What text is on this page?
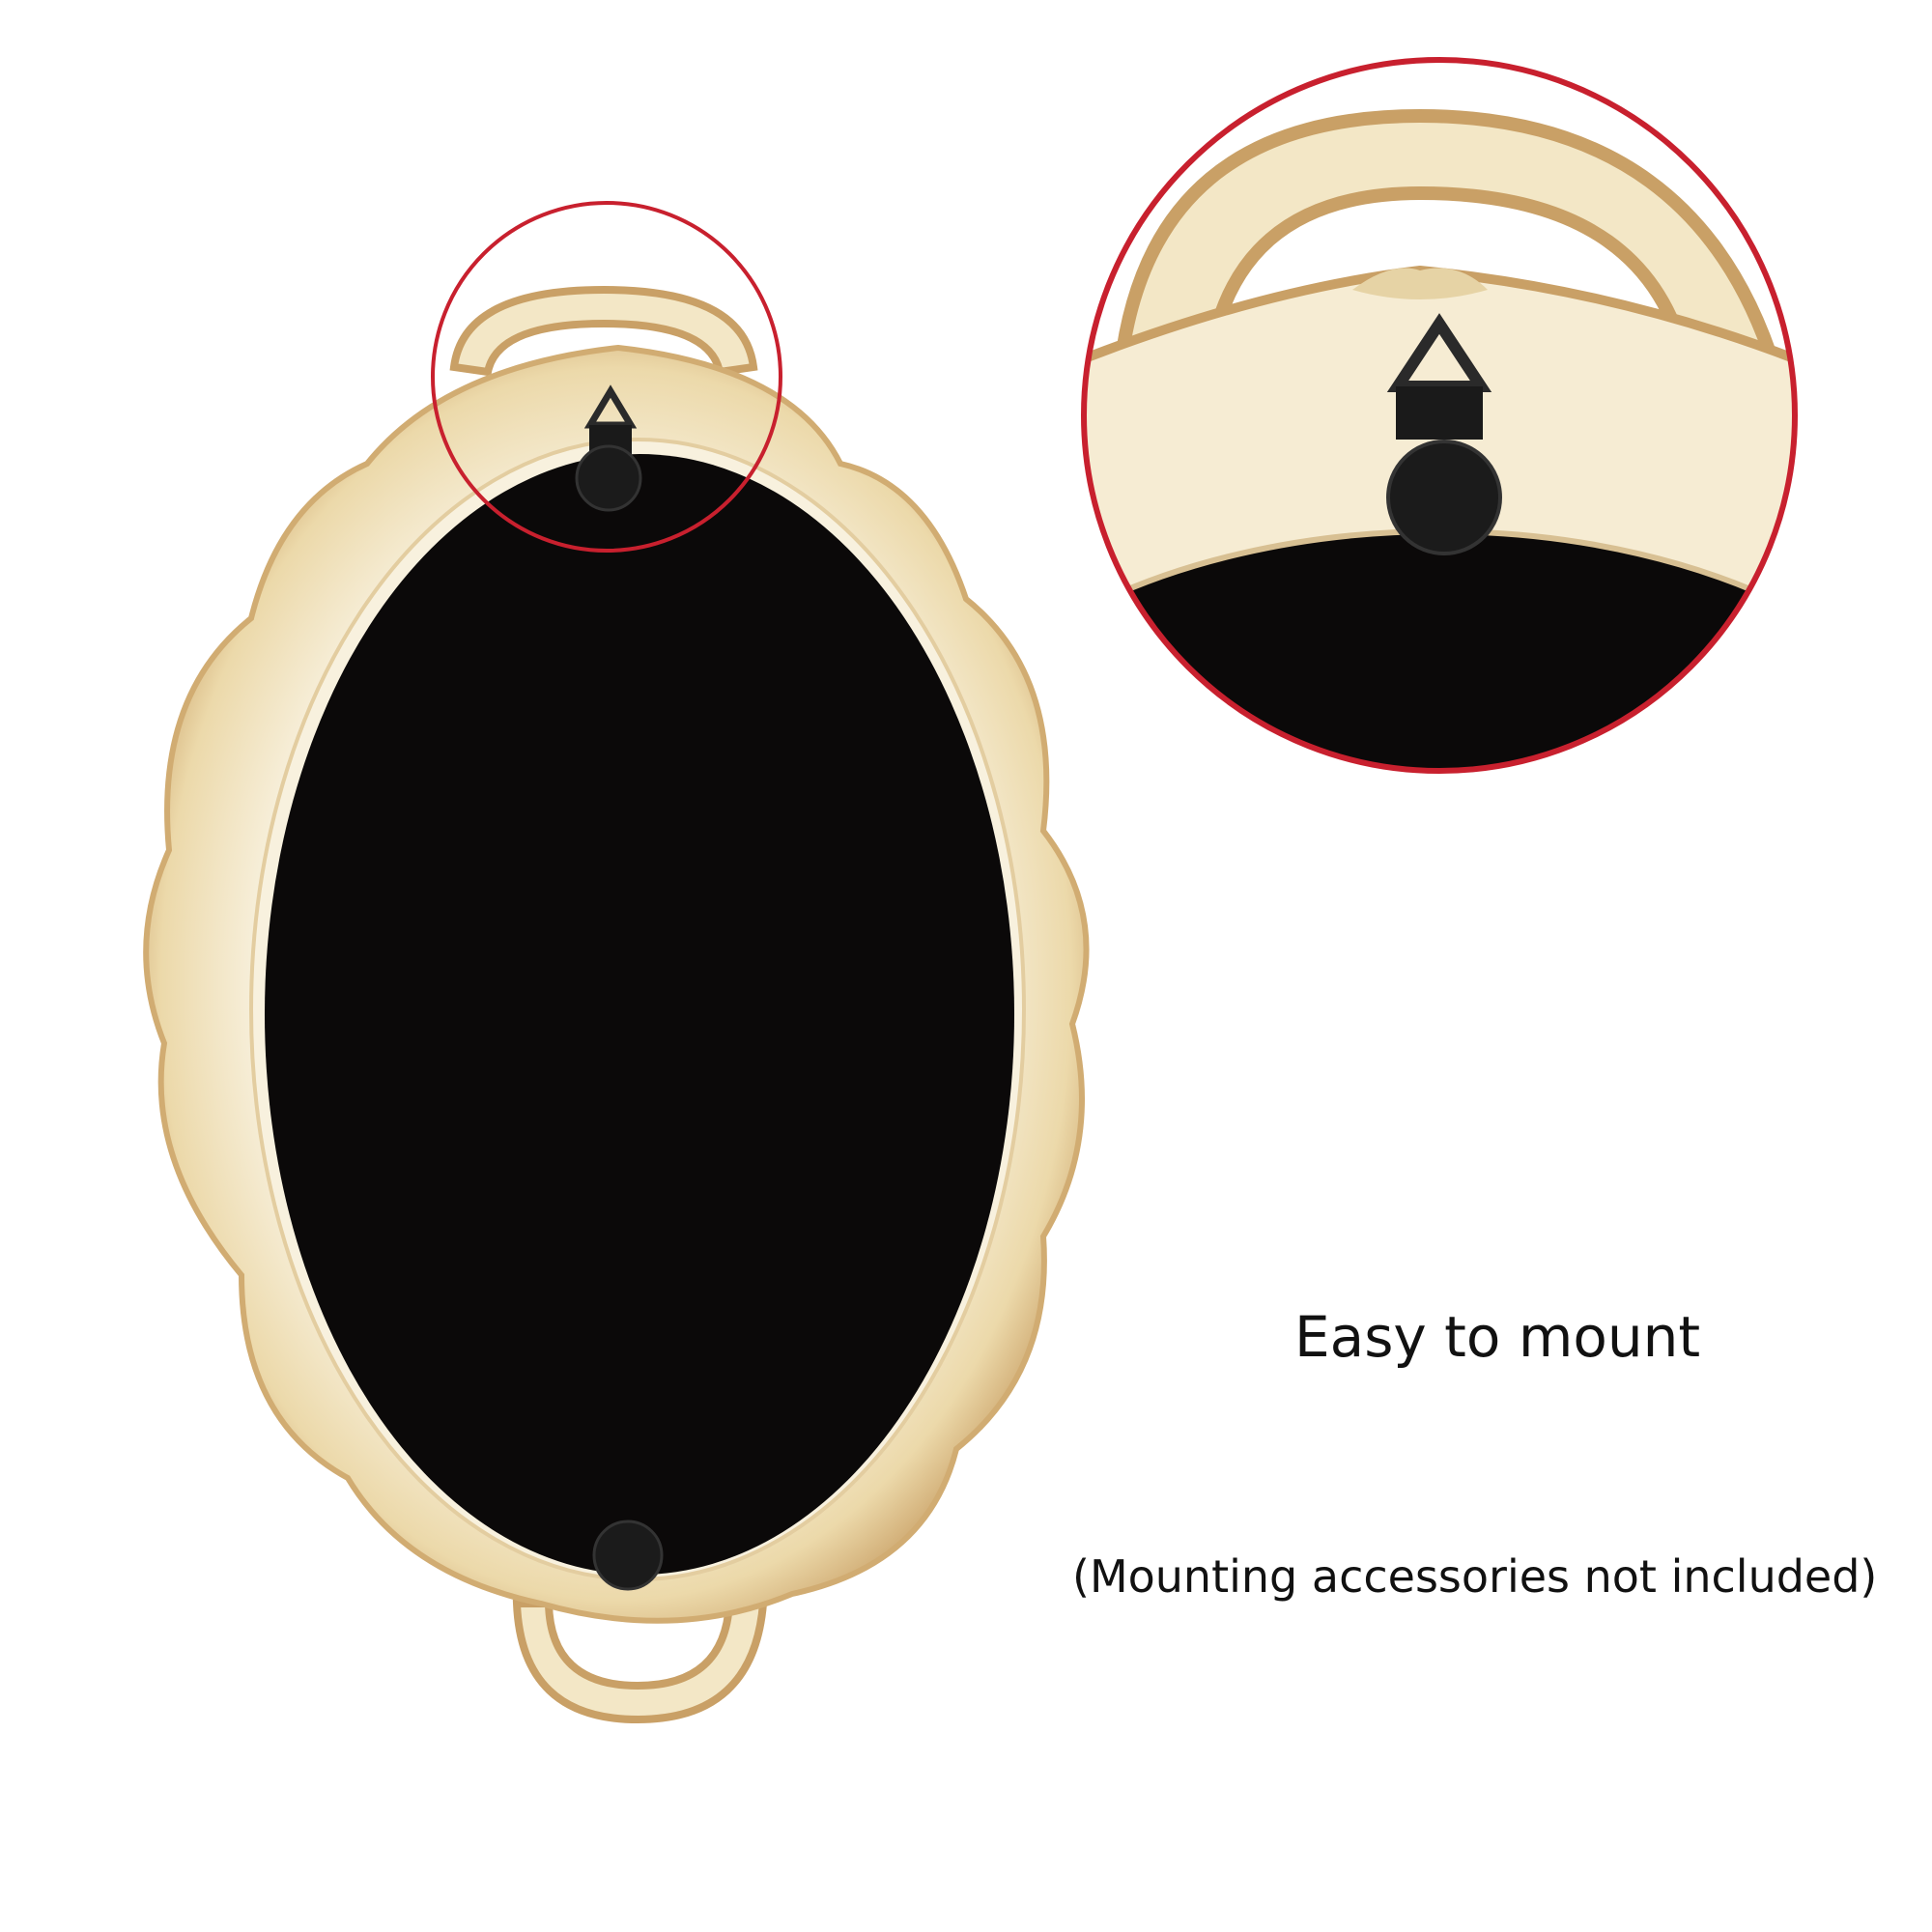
Easy to mount
(Mounting accessories not included)
